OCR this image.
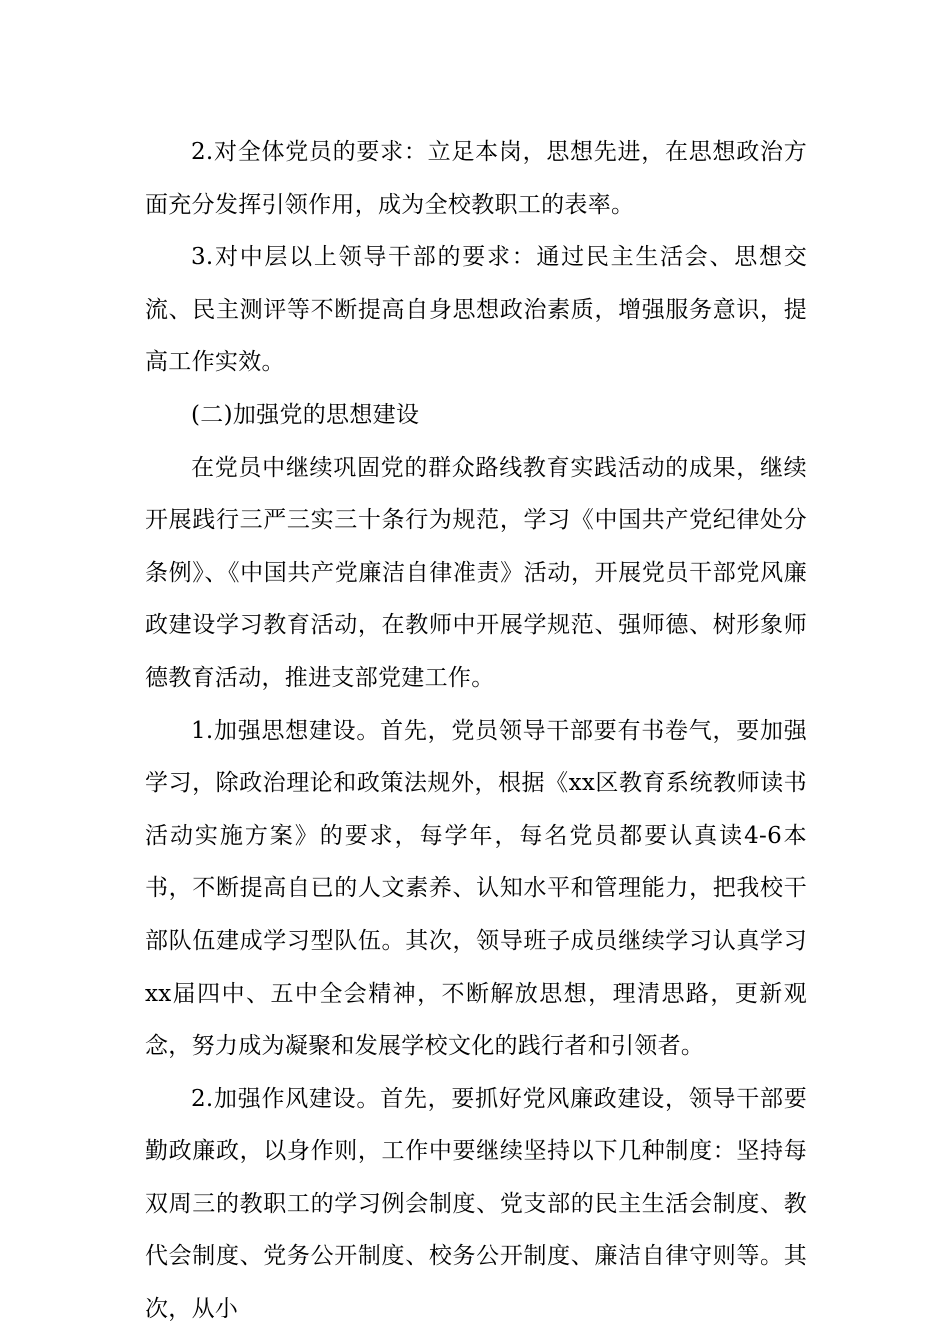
2.对全体党员的要求：立足本岗，思想先进，在思想政治方面充分发挥引领作用，成为全校教职工的表率。

3.对中层以上领导干部的要求：通过民主生活会、思想交流、民主测评等不断提高自身思想政治素质，增强服务意识，提高工作实效。

(二)加强党的思想建设

在党员中继续巩固党的群众路线教育实践活动的成果，继续开展践行三严三实三十条行为规范，学习《中国共产党纪律处分条例》、《中国共产党廉洁自律准责》活动，开展党员干部党风廉政建设学习教育活动，在教师中开展学规范、强师德、树形象师德教育活动，推进支部党建工作。

1.加强思想建设。首先，党员领导干部要有书卷气，要加强学习，除政治理论和政策法规外，根据《xx区教育系统教师读书活动实施方案》的要求，每学年，每名党员都要认真读4-6本书，不断提高自已的人文素养、认知水平和管理能力，把我校干部队伍建成学习型队伍。其次，领导班子成员继续学习认真学习xx届四中、五中全会精神，不断解放思想，理清思路，更新观念，努力成为凝聚和发展学校文化的践行者和引领者。

2.加强作风建设。首先，要抓好党风廉政建设，领导干部要勤政廉政，以身作则，工作中要继续坚持以下几种制度：坚持每双周三的教职工的学习例会制度、党支部的民主生活会制度、教代会制度、党务公开制度、校务公开制度、廉洁自律守则等。其次，从小
